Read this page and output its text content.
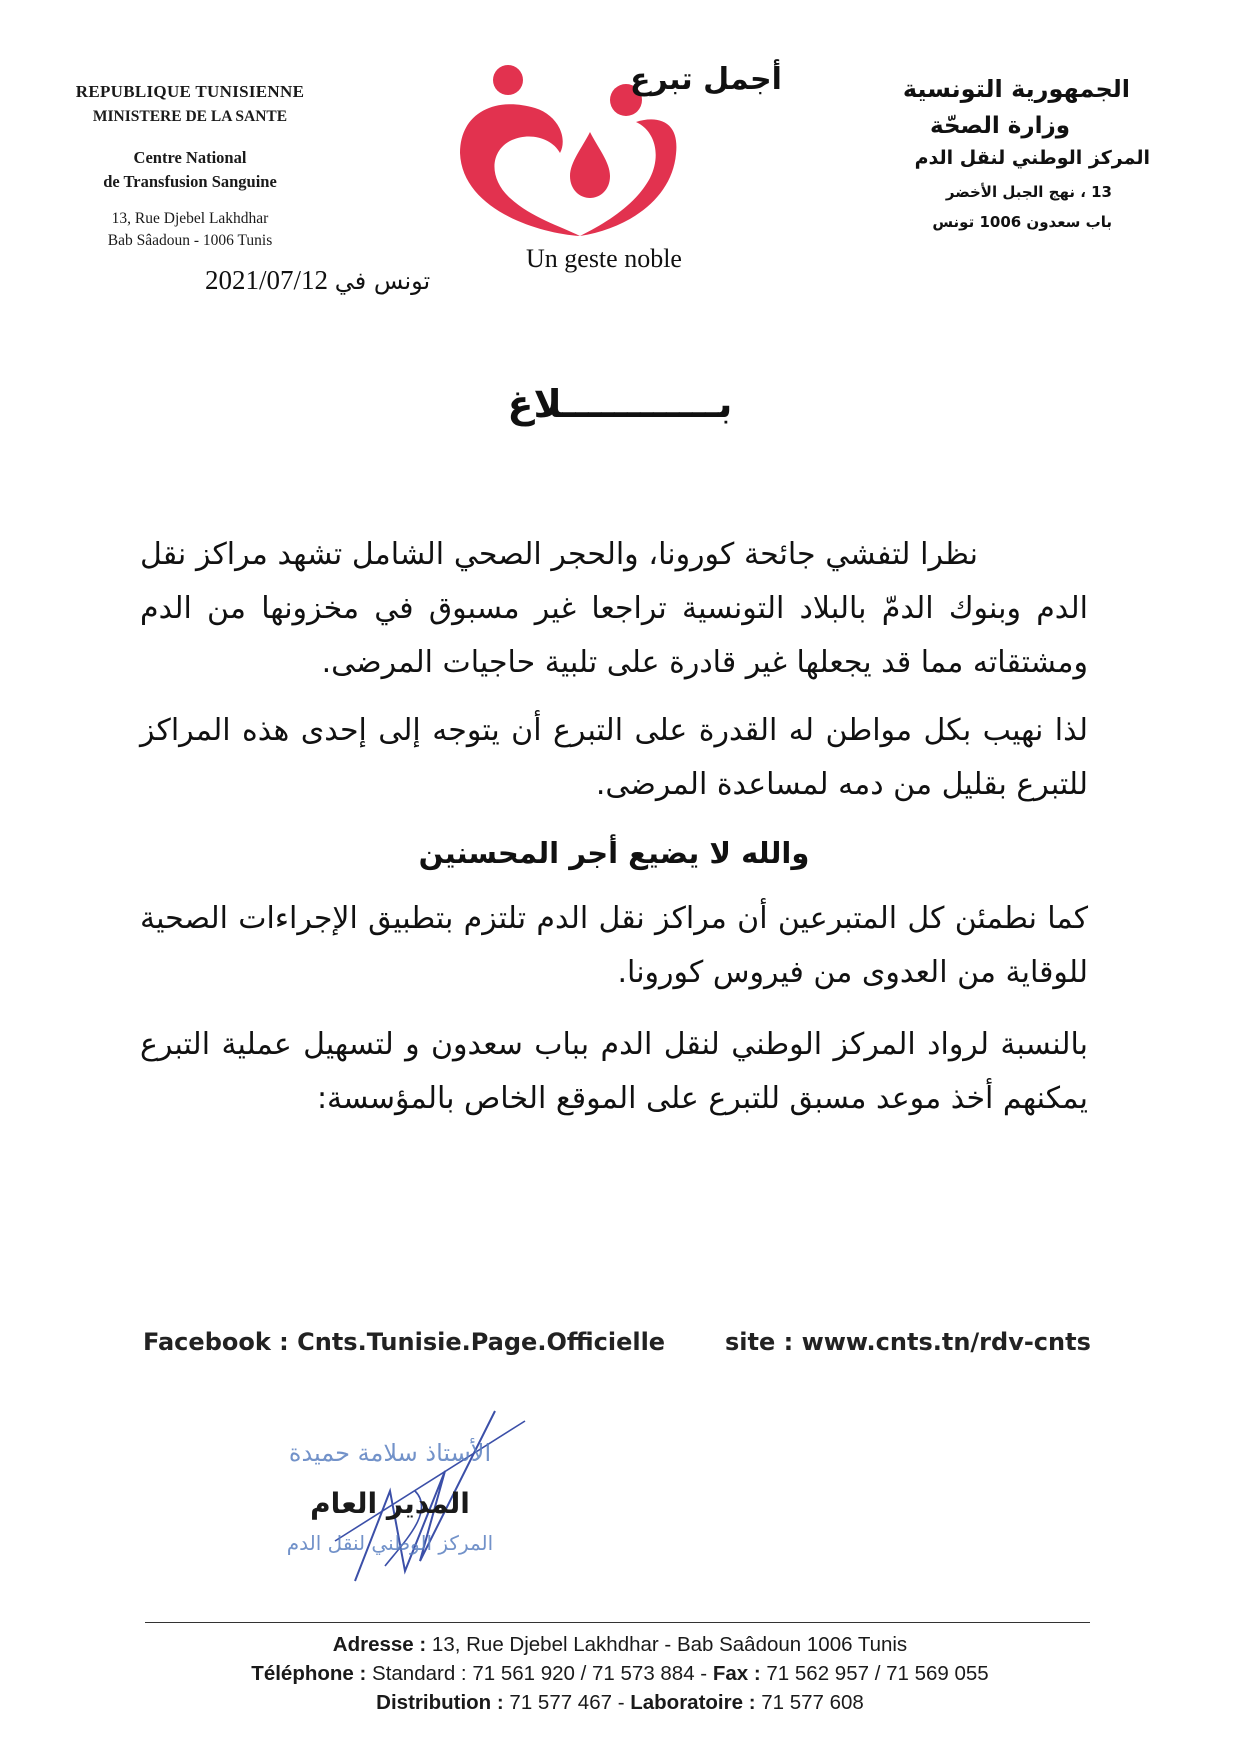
REPUBLIQUE TUNISIENNE
MINISTERE DE LA SANTE
Centre National
de Transfusion Sanguine
13, Rue Djebel Lakhdhar
Bab Sâadoun - 1006 Tunis
2021/07/12 تونس في
أجمل تبرع
Un geste noble
الجمهورية التونسية
وزارة الصحّة
المركز الوطني لنقل الدم
13 ، نهج الجبل الأخضر
باب سعدون 1006 تونس
بــــــــــــلاغ

نظرا لتفشي جائحة كورونا، والحجر الصحي الشامل تشهد مراكز نقل الدم وبنوك الدمّ بالبلاد التونسية تراجعا غير مسبوق في مخزونها من الدم ومشتقاته مما قد يجعلها غير قادرة على تلبية حاجيات المرضى.

لذا نهيب بكل مواطن له القدرة على التبرع أن يتوجه إلى إحدى هذه المراكز للتبرع بقليل من دمه لمساعدة المرضى.

والله لا يضيع أجر المحسنين

كما نطمئن كل المتبرعين أن مراكز نقل الدم تلتزم بتطبيق الإجراءات الصحية للوقاية من العدوى من فيروس كورونا.

بالنسبة لرواد المركز الوطني لنقل الدم بباب سعدون و لتسهيل عملية التبرع يمكنهم أخذ موعد مسبق للتبرع على الموقع الخاص بالمؤسسة:

Facebook : Cnts.Tunisie.Page.Officielle site : www.cnts.tn/rdv-cnts
الأستاذ سلامة حميدة
المدير العام
المركز الوطني لنقل الدم
Adresse : 13, Rue Djebel Lakhdhar - Bab Saâdoun 1006 Tunis
Téléphone : Standard : 71 561 920 / 71 573 884 - Fax : 71 562 957 / 71 569 055
Distribution : 71 577 467 - Laboratoire : 71 577 608
